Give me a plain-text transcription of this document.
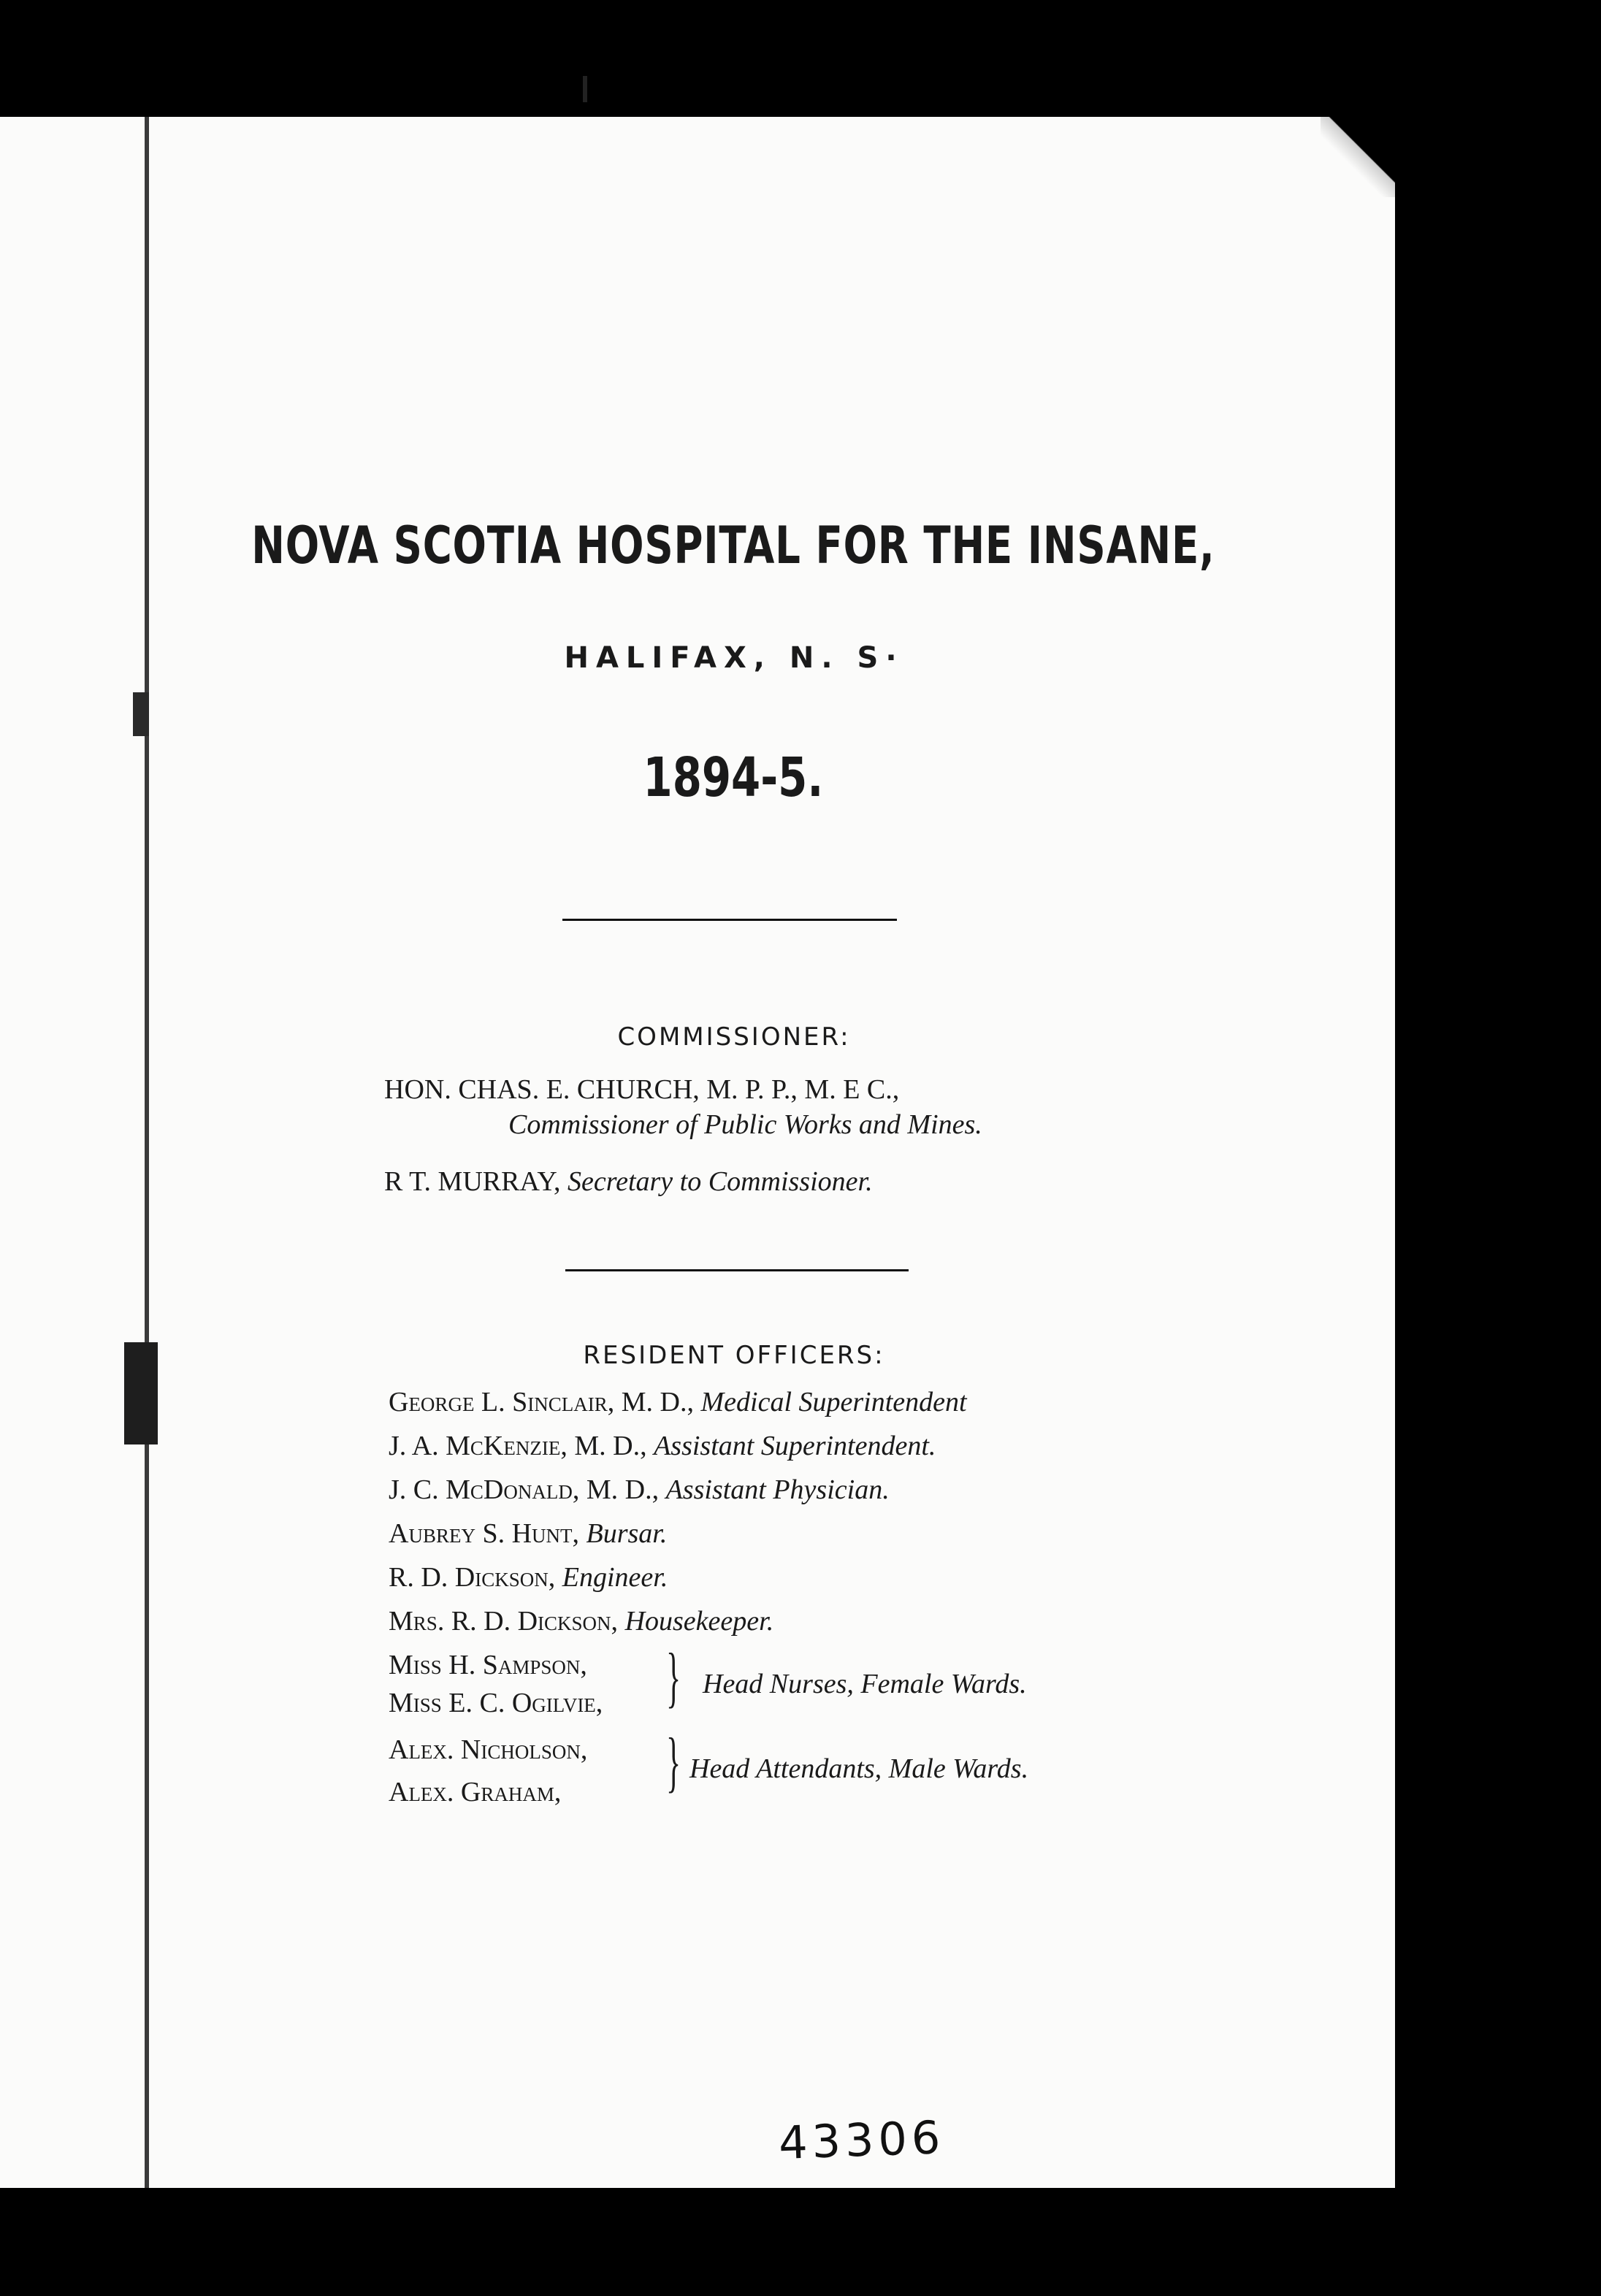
NOVA SCOTIA HOSPITAL FOR THE INSANE,
HALIFAX, N. S·
1894-5.
COMMISSIONER:
HON. CHAS. E. CHURCH, M. P. P., M. E C.,
Commissioner of Public Works and Mines.
R T. MURRAY, Secretary to Commissioner.
RESIDENT OFFICERS:
George L. Sinclair, M. D., Medical Superintendent
J. A. McKenzie, M. D., Assistant Superintendent.
J. C. McDonald, M. D., Assistant Physician.
Aubrey S. Hunt, Bursar.
R. D. Dickson, Engineer.
Mrs. R. D. Dickson, Housekeeper.
Miss H. Sampson,
Miss E. C. Ogilvie,
Alex. Nicholson,
Alex. Graham,
}
}
Head Nurses, Female Wards.
Head Attendants, Male Wards.
43306
